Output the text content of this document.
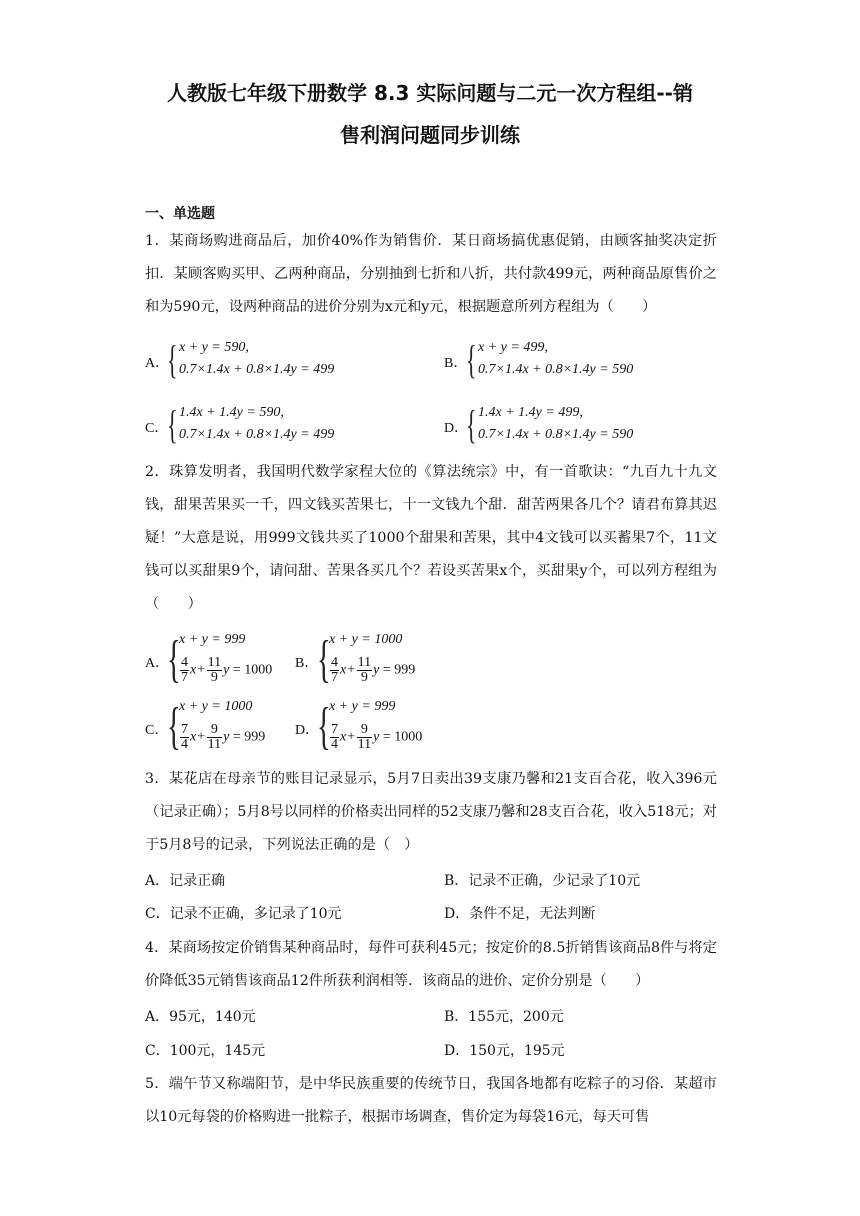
人教版七年级下册数学 8.3 实际问题与二元一次方程组--销
售利润问题同步训练
一、单选题
1．某商场购进商品后，加价40%作为销售价．某日商场搞优惠促销，由顾客抽奖决定折扣．某顾客购买甲、乙两种商品，分别抽到七折和八折，共付款499元，两种商品原售价之和为590元，设两种商品的进价分别为x元和y元，根据题意所列方程组为（　　）
A．
{ x + y = 590,
0.7×1.4x + 0.8×1.4y = 499	B．
{ x + y = 499,
0.7×1.4x + 0.8×1.4y = 590
C．
{ 1.4x + 1.4y = 590,
0.7×1.4x + 0.8×1.4y = 499	D．
{ 1.4x + 1.4y = 499,
0.7×1.4x + 0.8×1.4y = 590
2．珠算发明者，我国明代数学家程大位的《算法统宗》中，有一首歌诀：“九百九十九文钱，甜果苦果买一千，四文钱买苦果七，十一文钱九个甜．甜苦两果各几个？请君布算其迟疑！”大意是说，用999文钱共买了1000个甜果和苦果，其中4文钱可以买蓄果7个，11文钱可以买甜果9个，请问甜、苦果各买几个？若设买苦果x个，买甜果y个，可以列方程组为（　　）
A．
{
x + y = 999
$\frac{4}{7} x+ \frac{11}{9}$ y = 1000 B．
{
x + y = 1000
$\frac{4}{7} x+ \frac{11}{9}$ y = 999
C．
{
x + y = 1000
$\frac{7}{4} x+ \frac{9}{11}$ y = 999 D．
{
x + y = 999
$\frac{7}{4} x+ \frac{9}{11}$ y = 1000
3．某花店在母亲节的账目记录显示，5月7日卖出39支康乃馨和21支百合花，收入396元（记录正确）；5月8号以同样的价格卖出同样的52支康乃馨和28支百合花，收入518元；对于5月8号的记录，下列说法正确的是（　）
A．记录正确	B．记录不正确，少记录了10元
C．记录不正确，多记录了10元	D．条件不足，无法判断
4．某商场按定价销售某种商品时，每件可获利45元；按定价的8.5折销售该商品8件与将定价降低35元销售该商品12件所获利润相等．该商品的进价、定价分别是（　　）
A．95元，140元	B．155元，200元
C．100元，145元	D．150元，195元
5．端午节又称端阳节，是中华民族重要的传统节日，我国各地都有吃粽子的习俗．某超市以10元每袋的价格购进一批粽子，根据市场调查，售价定为每袋16元，每天可售
